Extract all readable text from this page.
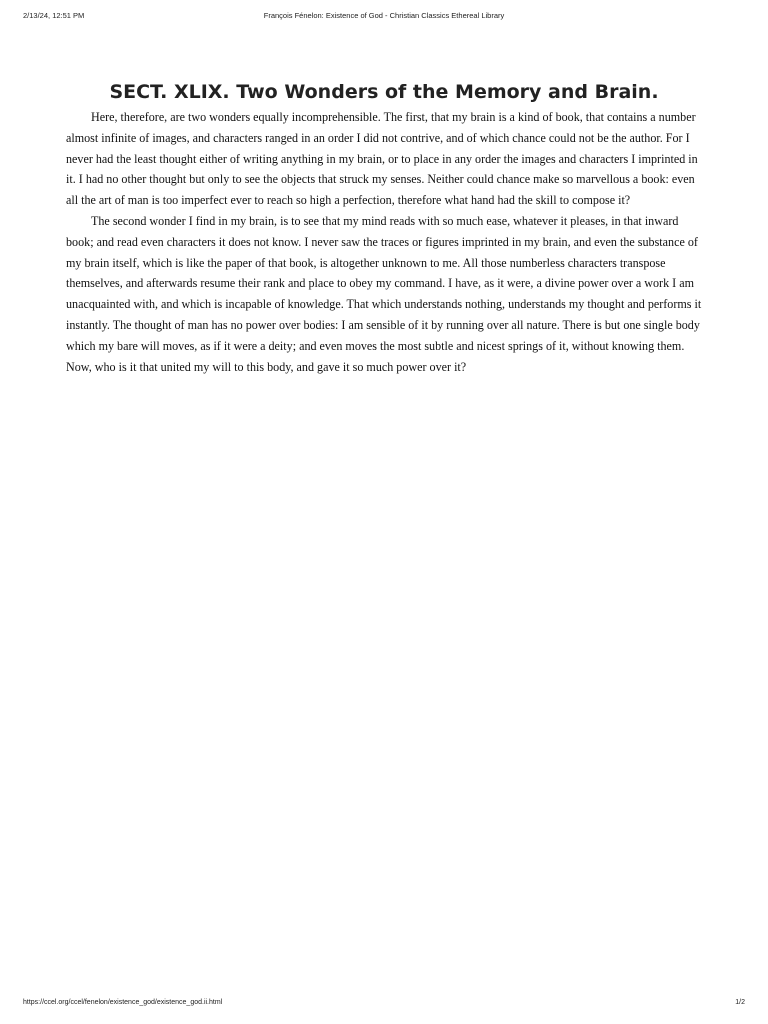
2/13/24, 12:51 PM	François Fénelon: Existence of God - Christian Classics Ethereal Library
SECT. XLIX. Two Wonders of the Memory and Brain.

Here, therefore, are two wonders equally incomprehensible. The first, that my brain is a kind of book, that contains a number almost infinite of images, and characters ranged in an order I did not contrive, and of which chance could not be the author. For I never had the least thought either of writing anything in my brain, or to place in any order the images and characters I imprinted in it. I had no other thought but only to see the objects that struck my senses. Neither could chance make so marvellous a book: even all the art of man is too imperfect ever to reach so high a perfection, therefore what hand had the skill to compose it?

The second wonder I find in my brain, is to see that my mind reads with so much ease, whatever it pleases, in that inward book; and read even characters it does not know. I never saw the traces or figures imprinted in my brain, and even the substance of my brain itself, which is like the paper of that book, is altogether unknown to me. All those numberless characters transpose themselves, and afterwards resume their rank and place to obey my command. I have, as it were, a divine power over a work I am unacquainted with, and which is incapable of knowledge. That which understands nothing, understands my thought and performs it instantly. The thought of man has no power over bodies: I am sensible of it by running over all nature. There is but one single body which my bare will moves, as if it were a deity; and even moves the most subtle and nicest springs of it, without knowing them. Now, who is it that united my will to this body, and gave it so much power over it?

https://ccel.org/ccel/fenelon/existence_god/existence_god.ii.html	1/2
